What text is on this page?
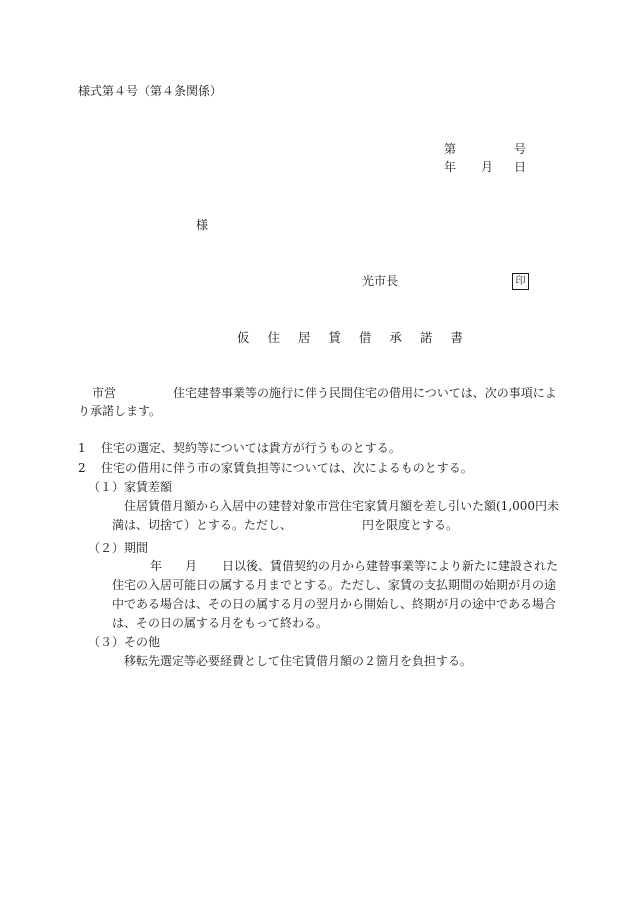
様式第４号（第４条関係）
第	号
年 月 日
様
光市長	印
仮 住 居 賃 借 承 諾 書
市営	住宅建替事業等の施行に伴う民間住宅の借用については、次の事項によ
り承諾します。
1 住宅の選定、契約等については貴方が行うものとする。
2 住宅の借用に伴う市の家賃負担等については、次によるものとする。
（１） 家賃差額
住居賃借月額から入居中の建替対象市営住宅家賃月額を差し引いた額(1,000円未
満は、切捨て）とする。ただし、	円を限度とする。
（２） 期間
年 月 日以後、賃借契約の月から建替事業等により新たに建設された
住宅の入居可能日の属する月までとする。ただし、家賃の支払期間の始期が月の途
中である場合は、その日の属する月の翌月から開始し、終期が月の途中である場合
は、その日の属する月をもって終わる。
（３） その他
移転先選定等必要経費として住宅賃借月額の２箇月を負担する。
